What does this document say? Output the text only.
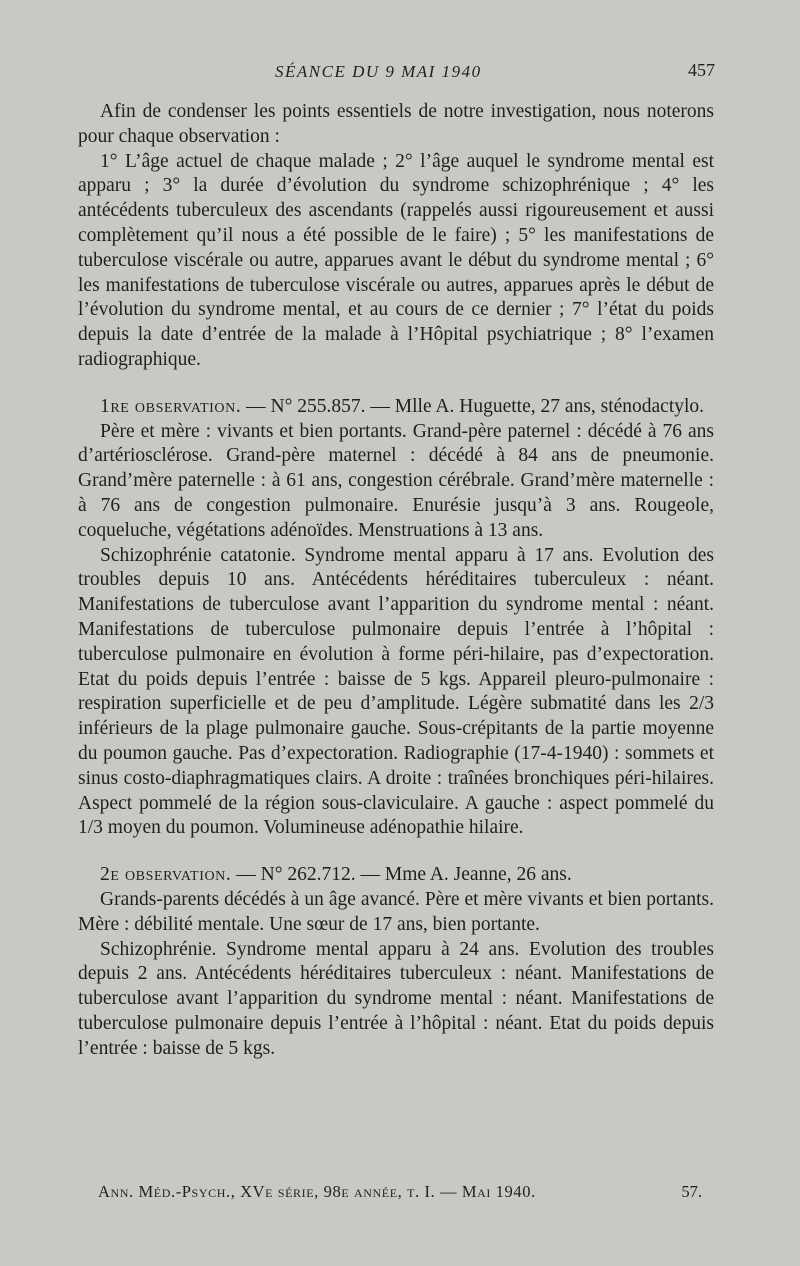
SÉANCE DU 9 MAI 1940	457

Afin de condenser les points essentiels de notre investigation, nous noterons pour chaque observation :

1° L’âge actuel de chaque malade ; 2° l’âge auquel le syndrome mental est apparu ; 3° la durée d’évolution du syndrome schizophrénique ; 4° les antécédents tuberculeux des ascendants (rappelés aussi rigoureusement et aussi complètement qu’il nous a été possible de le faire) ; 5° les manifestations de tuberculose viscérale ou autre, apparues avant le début du syndrome mental ; 6° les manifestations de tuberculose viscérale ou autres, apparues après le début de l’évolution du syndrome mental, et au cours de ce dernier ; 7° l’état du poids depuis la date d’entrée de la malade à l’Hôpital psychiatrique ; 8° l’examen radiographique.

1re observation. — N° 255.857. — Mlle A. Huguette, 27 ans, sténodactylo.

Père et mère : vivants et bien portants. Grand-père paternel : décédé à 76 ans d’artériosclérose. Grand-père maternel : décédé à 84 ans de pneumonie. Grand’mère paternelle : à 61 ans, congestion cérébrale. Grand’mère maternelle : à 76 ans de congestion pulmonaire. Enurésie jusqu’à 3 ans. Rougeole, coqueluche, végétations adénoïdes. Menstruations à 13 ans.

Schizophrénie catatonie. Syndrome mental apparu à 17 ans. Evolution des troubles depuis 10 ans. Antécédents héréditaires tuberculeux : néant. Manifestations de tuberculose avant l’apparition du syndrome mental : néant. Manifestations de tuberculose pulmonaire depuis l’entrée à l’hôpital : tuberculose pulmonaire en évolution à forme péri-hilaire, pas d’expectoration. Etat du poids depuis l’entrée : baisse de 5 kgs. Appareil pleuro-pulmonaire : respiration superficielle et de peu d’amplitude. Légère submatité dans les 2/3 inférieurs de la plage pulmonaire gauche. Sous-crépitants de la partie moyenne du poumon gauche. Pas d’expectoration. Radiographie (17-4-1940) : sommets et sinus costo-diaphragmatiques clairs. A droite : traînées bronchiques péri-hilaires. Aspect pommelé de la région sous-claviculaire. A gauche : aspect pommelé du 1/3 moyen du poumon. Volumineuse adénopathie hilaire.

2e observation. — N° 262.712. — Mme A. Jeanne, 26 ans.

Grands-parents décédés à un âge avancé. Père et mère vivants et bien portants. Mère : débilité mentale. Une sœur de 17 ans, bien portante.

Schizophrénie. Syndrome mental apparu à 24 ans. Evolution des troubles depuis 2 ans. Antécédents héréditaires tuberculeux : néant. Manifestations de tuberculose avant l’apparition du syndrome mental : néant. Manifestations de tuberculose pulmonaire depuis l’entrée à l’hôpital : néant. Etat du poids depuis l’entrée : baisse de 5 kgs.

Ann. Méd.-Psych., XVe série, 98e année, t. I. — Mai 1940.	57.
